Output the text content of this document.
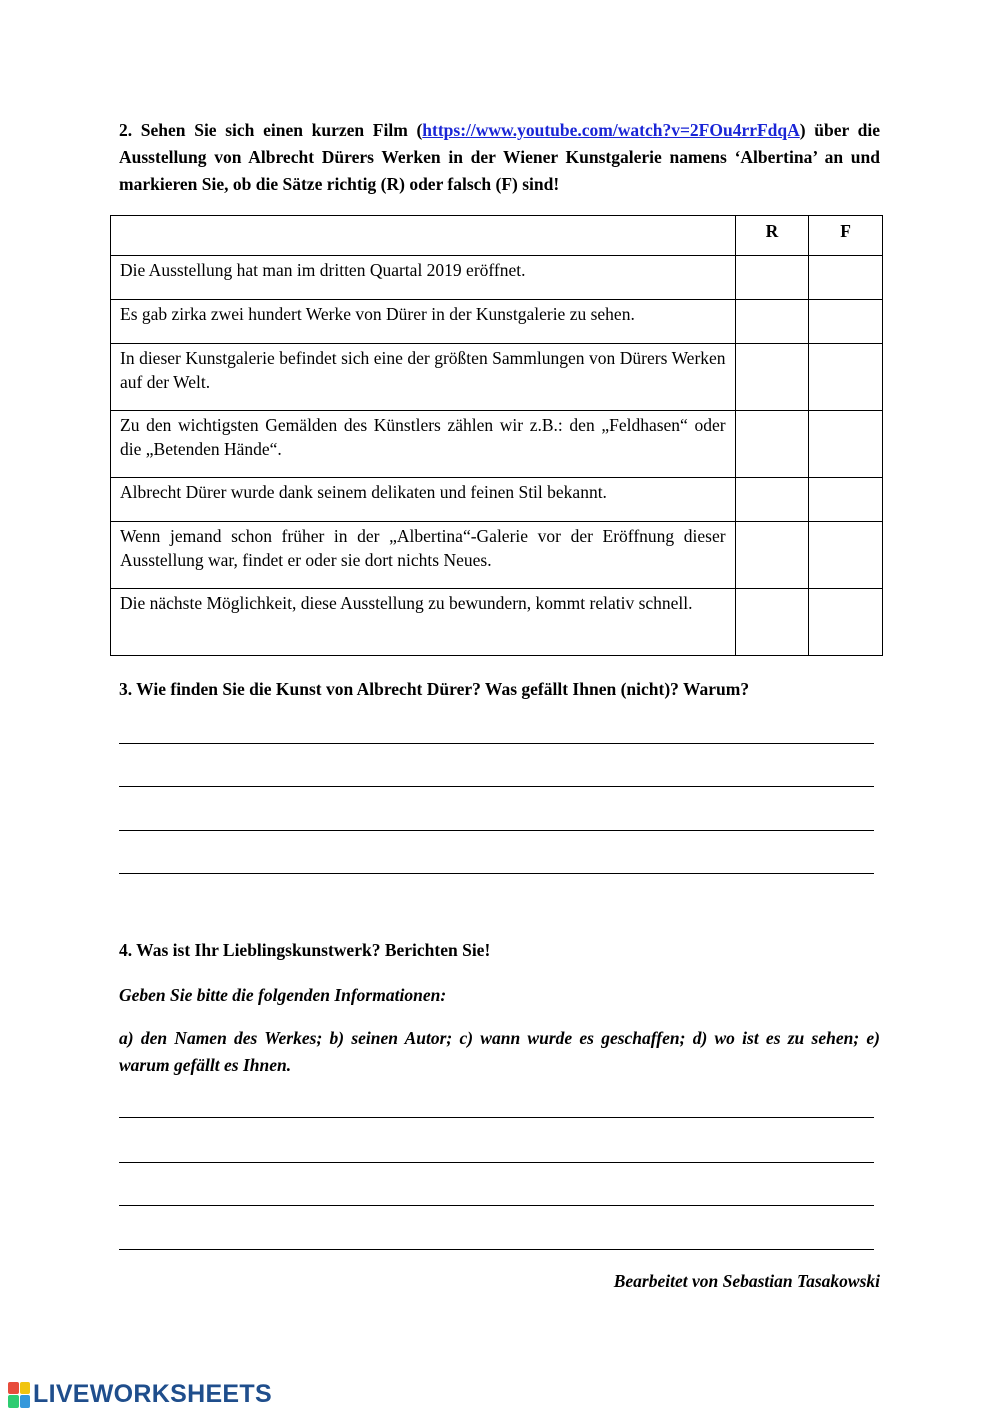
2. Sehen Sie sich einen kurzen Film (https://www.youtube.com/watch?v=2FOu4rrFdqA) über die Ausstellung von Albrecht Dürers Werken in der Wiener Kunstgalerie namens ‘Albertina’ an und markieren Sie, ob die Sätze richtig (R) oder falsch (F) sind!
	R	F
Die Ausstellung hat man im dritten Quartal 2019 eröffnet.		
Es gab zirka zwei hundert Werke von Dürer in der Kunstgalerie zu sehen.		
In dieser Kunstgalerie befindet sich eine der größten Sammlungen von Dürers Werken auf der Welt.		
Zu den wichtigsten Gemälden des Künstlers zählen wir z.B.: den „Feldhasen“ oder die „Betenden Hände“.		
Albrecht Dürer wurde dank seinem delikaten und feinen Stil bekannt.		
Wenn jemand schon früher in der „Albertina“-Galerie vor der Eröffnung dieser Ausstellung war, findet er oder sie dort nichts Neues.		
Die nächste Möglichkeit, diese Ausstellung zu bewundern, kommt relativ schnell.		
3. Wie finden Sie die Kunst von Albrecht Dürer? Was gefällt Ihnen (nicht)? Warum?
4. Was ist Ihr Lieblingskunstwerk? Berichten Sie!
Geben Sie bitte die folgenden Informationen:
a) den Namen des Werkes; b) seinen Autor; c) wann wurde es geschaffen; d) wo ist es zu sehen; e) warum gefällt es Ihnen.
Bearbeitet von Sebastian Tasakowski
LIVEWORKSHEETS
